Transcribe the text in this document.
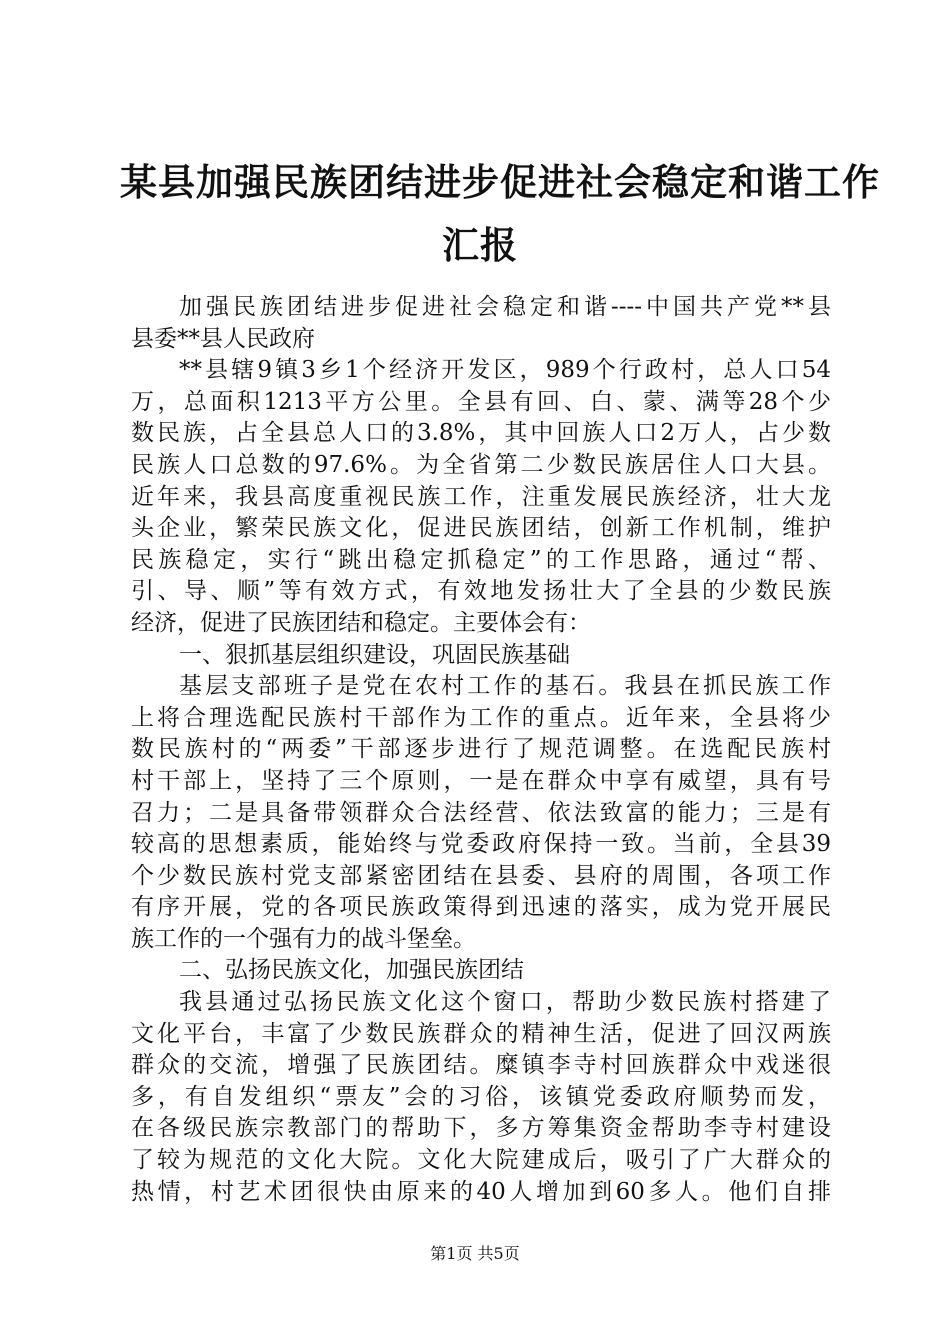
某县加强民族团结进步促进社会稳定和谐工作
汇报
加强民族团结进步促进社会稳定和谐----中国共产党**县
县委**县人民政府
**县辖9镇3乡1个经济开发区，989个行政村，总人口54
万，总面积1213平方公里。全县有回、白、蒙、满等28个少
数民族，占全县总人口的3.8%，其中回族人口2万人，占少数
民族人口总数的97.6%。为全省第二少数民族居住人口大县。
近年来，我县高度重视民族工作，注重发展民族经济，壮大龙
头企业，繁荣民族文化，促进民族团结，创新工作机制，维护
民族稳定，实行“跳出稳定抓稳定”的工作思路，通过“帮、
引、导、顺”等有效方式，有效地发扬壮大了全县的少数民族
经济，促进了民族团结和稳定。主要体会有：
一、狠抓基层组织建设，巩固民族基础
基层支部班子是党在农村工作的基石。我县在抓民族工作
上将合理选配民族村干部作为工作的重点。近年来，全县将少
数民族村的“两委”干部逐步进行了规范调整。在选配民族村
村干部上，坚持了三个原则，一是在群众中享有威望，具有号
召力；二是具备带领群众合法经营、依法致富的能力；三是有
较高的思想素质，能始终与党委政府保持一致。当前，全县39
个少数民族村党支部紧密团结在县委、县府的周围，各项工作
有序开展，党的各项民族政策得到迅速的落实，成为党开展民
族工作的一个强有力的战斗堡垒。
二、弘扬民族文化，加强民族团结
我县通过弘扬民族文化这个窗口，帮助少数民族村搭建了
文化平台，丰富了少数民族群众的精神生活，促进了回汉两族
群众的交流，增强了民族团结。糜镇李寺村回族群众中戏迷很
多，有自发组织“票友”会的习俗，该镇党委政府顺势而发，
在各级民族宗教部门的帮助下，多方筹集资金帮助李寺村建设
了较为规范的文化大院。文化大院建成后，吸引了广大群众的
热情，村艺术团很快由原来的40人增加到60多人。他们自排
第1页 共5页
